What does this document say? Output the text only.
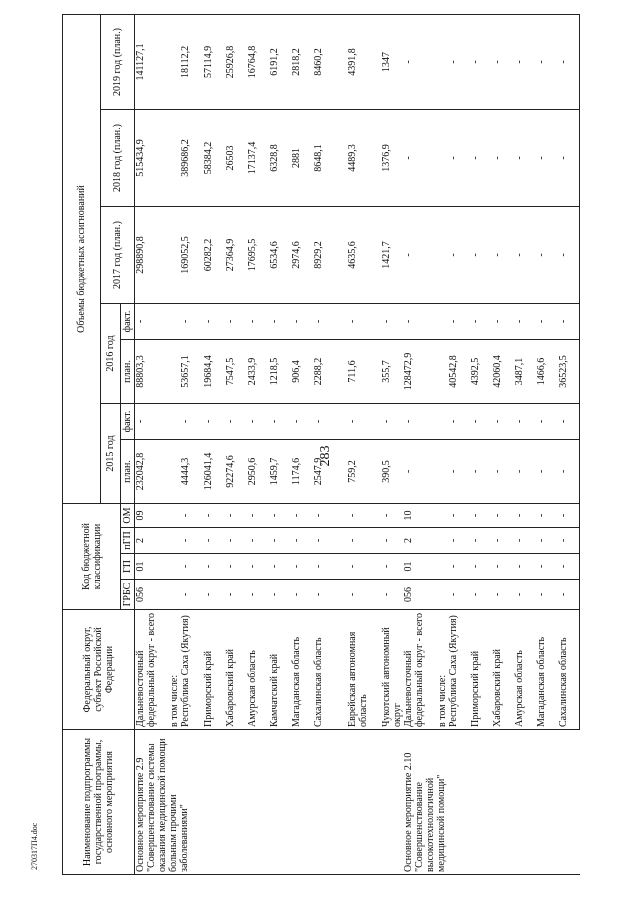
283
270317П4.doc	Наименование подпрограммы государственной программы, основного мероприятия	Федеральный округ, субъект Российской Федерации	Код бюджетной классификации				Объемы бюджетных ассигнований						
						2015 год		2016 год		2017 год (план.)	2018 год (план.)	2019 год (план.)
		ГРБС	ГП	пГП	ОМ	план.	факт.	план.	факт.			
Основное мероприятие 2.9 "Совершенствование системы оказания медицинской помощи больным прочими заболеваниями"	Дальневосточный федеральный округ - всего	056	01	2	09	232042,8	-	88803,3	-	298890,8	515434,9	141127,1
	в том числе:											
	Республика Саха (Якутия)	-	-	-	-	4444,3	-	53657,1	-	169052,5	389686,2	18112,2
	Приморский край	-	-	-	-	126041,4	-	19684,4	-	60282,2	58384,2	57114,9
	Хабаровский край	-	-	-	-	92274,6	-	7547,5	-	27364,9	26503	25926,8
	Амурская область	-	-	-	-	2950,6	-	2433,9	-	17695,5	17137,4	16764,8
	Камчатский край	-	-	-	-	1459,7	-	1218,5	-	6534,6	6328,8	6191,2
	Магаданская область	-	-	-	-	1174,6	-	906,4	-	2974,6	2881	2818,2
	Сахалинская область	-	-	-	-	2547,9	-	2288,2	-	8929,2	8648,1	8460,2
	Еврейская автономная область	-	-	-	-	759,2	-	711,6	-	4635,6	4489,3	4391,8
	Чукотский автономный округ	-	-	-	-	390,5	-	355,7	-	1421,7	1376,9	1347
Основное мероприятие 2.10 "Совершенствование высокотехнологичной медицинской помощи"	Дальневосточный федеральный округ - всего	056	01	2	10	-	-	128472,9	-	-	-	-
	в том числе:											
	Республика Саха (Якутия)	-	-	-	-	-	-	40542,8	-	-	-	-
	Приморский край	-	-	-	-	-	-	4392,5	-	-	-	-
	Хабаровский край	-	-	-	-	-	-	42060,4	-	-	-	-
	Амурская область	-	-	-	-	-	-	3487,1	-	-	-	-
	Магаданская область	-	-	-	-	-	-	1466,6	-	-	-	-
	Сахалинская область	-	-	-	-	-	-	36523,5	-	-	-	-
